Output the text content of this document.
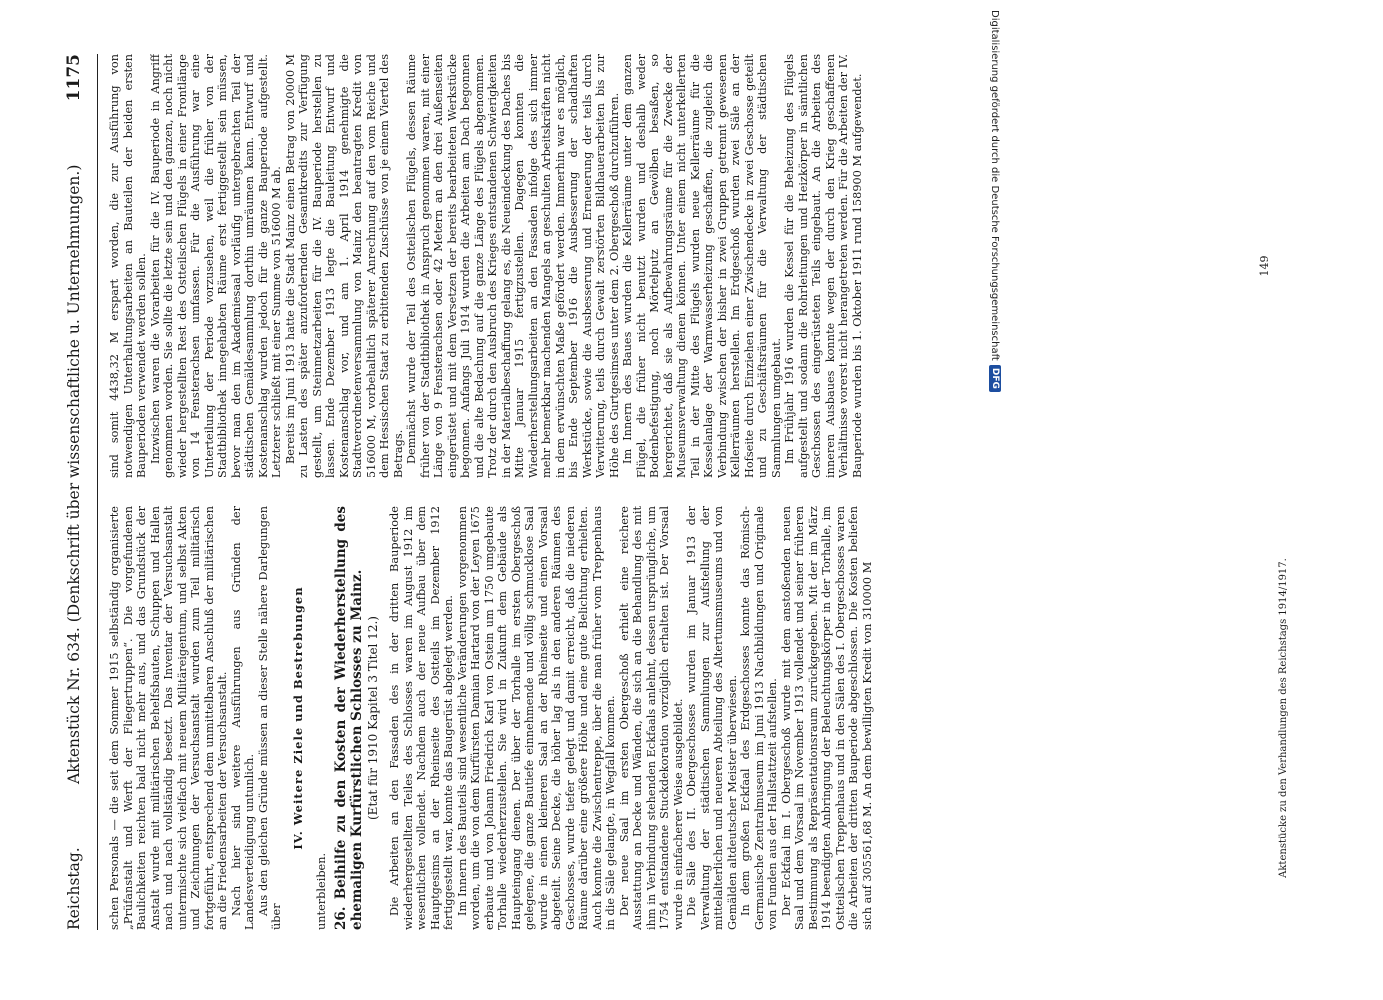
Reichstag.
Aktenstück Nr. 634. (Denkschrift über wissenschaftliche u. Unternehmungen.)
1175

schen Personals — die seit dem Sommer 1915 selbständig organisierte „Prüfanstalt und Werft der Fliegertruppen“. Die vorgefundenen Baulichkeiten reichten bald nicht mehr aus, und das Grundstück der Anstalt wurde mit militärischen Behelfsbauten, Schuppen und Hallen nach und nach vollständig besetzt. Das Inventar der Versuchsanstalt untermischte sich vielfach mit neuem Militäreigentum, und selbst Akten und Zeichnungen der Versuchsanstalt wurden zum Teil militärisch fortgeführt, entsprechend dem unmittelbaren Anschluß der militärischen an die Friedensarbeiten der Versuchsanstalt. Nach hier sind weitere Ausführungen aus Gründen der Landesverteidigung untunlich. Aus den gleichen Gründe müssen an dieser Stelle nähere Darlegungen über

IV. Weitere Ziele und Bestrebungen

unterbleiben. 26. Beihilfe zu den Kosten der Wiederherstellung des ehemaligen Kurfürstlichen Schlosses zu Mainz. (Etat für 1910 Kapitel 3 Titel 12.) Die Arbeiten an den Fassaden des in der dritten Bauperiode wiederhergestellten Teiles des Schlosses waren im August 1912 im wesentlichen vollendet. Nachdem auch der neue Aufbau über dem Hauptgesims an der Rheinseite des Ostteils im Dezember 1912 fertiggestellt war, konnte das Baugerüst abgelegt werden. Im Innern des Bauteils sind wesentliche Veränderungen vorgenommen worden, um die von dem Kurfürsten Damian Hartard von der Leyen 1675 erbaute und von Johann Friedrich Karl von Ostein um 1750 umgebaute Torhalle wiederherzustellen. Sie wird in Zukunft dem Gebäude als Haupteingang dienen. Der über der Torhalle im ersten Obergeschoß gelegene, die ganze Bautiefe einnehmende und völlig schmucklose Saal wurde in einen kleineren Saal an der Rheinseite und einen Vorsaal abgeteilt. Seine Decke, die höher lag als in den anderen Räumen des Geschosses, wurde tiefer gelegt und damit erreicht, daß die niederen Räume darüber eine größere Höhe und eine gute Belichtung erhielten. Auch konnte die Zwischentreppe, über die man früher vom Treppenhaus in die Säle gelangte, in Wegfall kommen. Der neue Saal im ersten Obergeschoß erhielt eine reichere Ausstattung an Decke und Wänden, die sich an die Behandlung des mit ihm in Verbindung stehenden Eckfaals anlehnt, dessen ursprüngliche, um 1754 entstandene Stuckdekoration vorzüglich erhalten ist. Der Vorsaal wurde in einfacherer Weise ausgebildet. Die Säle des II. Obergeschosses wurden im Januar 1913 der Verwaltung der städtischen Sammlungen zur Aufstellung der mittelalterlichen und neueren Abteilung des Altertumsmuseums und von Gemälden altdeutscher Meister überwiesen. In dem großen Eckfaal des Erdgeschosses konnte das Römisch-Germanische Zentralmuseum im Juni 1913 Nachbildungen und Originale von Funden aus der Hallstattzeit aufstellen. Der Eckfaal im I. Obergeschoß wurde mit dem anstoßenden neuen Saal und dem Vorsaal im November 1913 vollendet und seiner früheren Bestimmung als Repräsentationsraum zurückgegeben. Mit der im März 1914 beendigten Anbringung der Beleuchtungskörper in der Torhalle, im Ostteilschen Treppenhaus und in den Sälen des I. Obergeschosses waren die Arbeiten der dritten Bauperiode abgeschlossen. Die Kosten beliefen sich auf 305561,68 M. An dem bewilligten Kredit von 310000 M	Aktenstücke zu den Verhandlungen des Reichstags 1914/1917.

sind somit 4438,32 M erspart worden, die zur Ausführung von notwendigen Unterhaltungsarbeiten an Bauteilen der beiden ersten Bauperioden verwendet werden sollen. Inzwischen waren die Vorarbeiten für die IV. Bauperiode in Angriff genommen worden. Sie sollte die letzte sein und den ganzen, noch nicht wieder hergestellten Rest des Ostteilschen Flügels in einer Frontlänge von 14 Fensterachsen umfassen. Für die Ausführung war eine Unterteilung der Periode vorzusehen, weil die früher von der Stadtbibliothek innegehabten Räume erst fertiggestellt sein müssen, bevor man den im Akademiesaal vorläufig untergebrachten Teil der städtischen Gemäldesammlung dorthin umräumen kann. Entwurf und Kostenanschlag wurden jedoch für die ganze Bauperiode aufgestellt. Letzterer schließt mit einer Summe von 516000 M ab. Bereits im Juni 1913 hatte die Stadt Mainz einen Betrag von 20000 M zu Lasten des später anzufordernden Gesamtkredits zur Verfügung gestellt, um Steinmetzarbeiten für die IV. Bauperiode herstellen zu lassen. Ende Dezember 1913 legte die Bauleitung Entwurf und Kostenanschlag vor, und am 1. April 1914 genehmigte die Stadtverordnetenversammlung von Mainz den beantragten Kredit von 516000 M, vorbehaltlich späterer Anrechnung auf den vom Reiche und dem Hessischen Staat zu erbittenden Zuschüsse von je einem Viertel des Betrags. Demnächst wurde der Teil des Ostteilschen Flügels, dessen Räume früher von der Stadtbibliothek in Anspruch genommen waren, mit einer Länge von 9 Fensterachsen oder 42 Metern an den drei Außenseiten eingerüstet und mit dem Versetzen der bereits bearbeiteten Werkstücke begonnen. Anfangs Juli 1914 wurden die Arbeiten am Dach begonnen und die alte Bedachung auf die ganze Länge des Flügels abgenommen. Trotz der durch den Ausbruch des Krieges entstandenen Schwierigkeiten in der Materialbeschaffung gelang es, die Neueindeckung des Daches bis Mitte Januar 1915 fertigzustellen. Dagegen konnten die Wiederherstellungsarbeiten an den Fassaden infolge des sich immer mehr bemerkbar machenden Mangels an geschulten Arbeitskräften nicht in dem erwünschten Maße gefördert werden. Immerhin war es möglich, bis Ende September 1916 die Ausbesserung der schadhaften Werkstücke, sowie die Ausbesserung und Erneuerung der teils durch Verwitterung, teils durch Gewalt zerstörten Bildhauerarbeiten bis zur Höhe des Gurtgesimses unter dem 2. Obergeschoß durchzuführen. Im Innern des Baues wurden die Kellerräume unter dem ganzen Flügel, die früher nicht benutzt wurden und deshalb weder Bodenbefestigung, noch Mörtelputz an Gewölben besaßen, so hergerichtet, daß sie als Aufbewahrungsräume für die Zwecke der Museumsverwaltung dienen können. Unter einem nicht unterkellerten Teil in der Mitte des Flügels wurden neue Kellerräume für die Kesselanlage der Warmwasserheizung geschaffen, die zugleich die Verbindung zwischen der bisher in zwei Gruppen getrennt gewesenen Kellerräumen herstellen. Im Erdgeschoß wurden zwei Säle an der Hofseite durch Einziehen einer Zwischendecke in zwei Geschosse geteilt und zu Geschäftsräumen für die Verwaltung der städtischen Sammlungen umgebaut. Im Frühjahr 1916 wurden die Kessel für die Beheizung des Flügels aufgestellt und sodann die Rohrleitungen und Heizkörper in sämtlichen Geschossen des eingerüsteten Teils eingebaut. An die Arbeiten des inneren Ausbaues konnte wegen der durch den Krieg geschaffenen Verhältnisse vorerst nicht herangetreten werden. Für die Arbeiten der IV. Bauperiode wurden bis 1. Oktober 1911 rund 158900 M aufgewendet.	149
Digitalisierung gefördert durch die Deutsche Forschungsgemeinschaft
DFG
